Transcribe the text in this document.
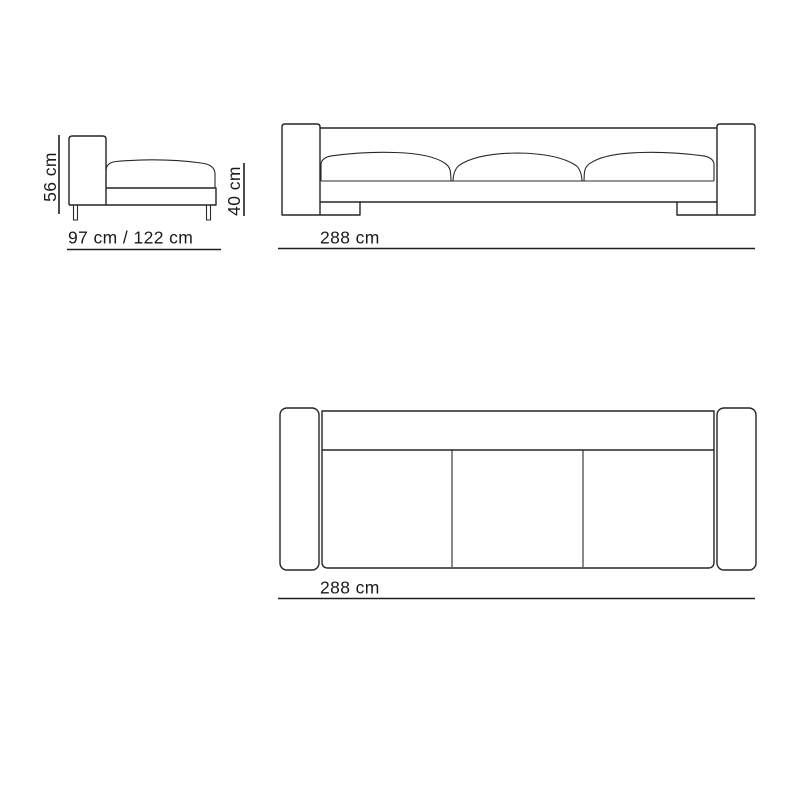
56 cm	40 cm
97 cm / 122 cm	288 cm
288 cm
